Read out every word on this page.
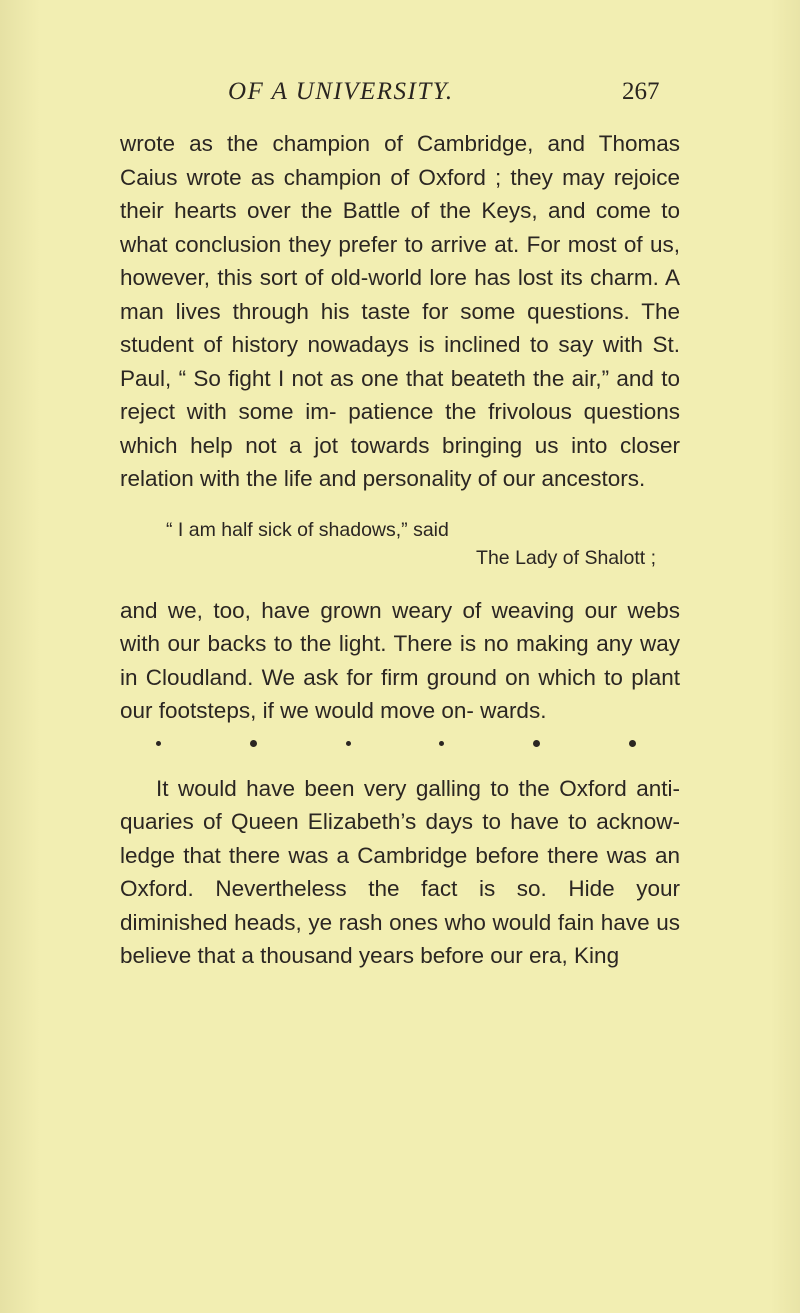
OF A UNIVERSITY.	267

wrote as the champion of Cambridge, and Thomas Caius wrote as champion of Oxford ; they may rejoice their hearts over the Battle of the Keys, and come to what conclusion they prefer to arrive at. For most of us, however, this sort of old-world lore has lost its charm. A man lives through his taste for some questions. The student of history nowadays is inclined to say with St. Paul, “ So fight I not as one that beateth the air,” and to reject with some im- patience the frivolous questions which help not a jot towards bringing us into closer relation with the life and personality of our ancestors.

“ I am half sick of shadows,” said
The Lady of Shalott ;

and we, too, have grown weary of weaving our webs with our backs to the light. There is no making any way in Cloudland. We ask for firm ground on which to plant our footsteps, if we would move on- wards.

It would have been very galling to the Oxford anti- quaries of Queen Elizabeth’s days to have to acknow- ledge that there was a Cambridge before there was an Oxford. Nevertheless the fact is so. Hide your diminished heads, ye rash ones who would fain have us believe that a thousand years before our era, King
